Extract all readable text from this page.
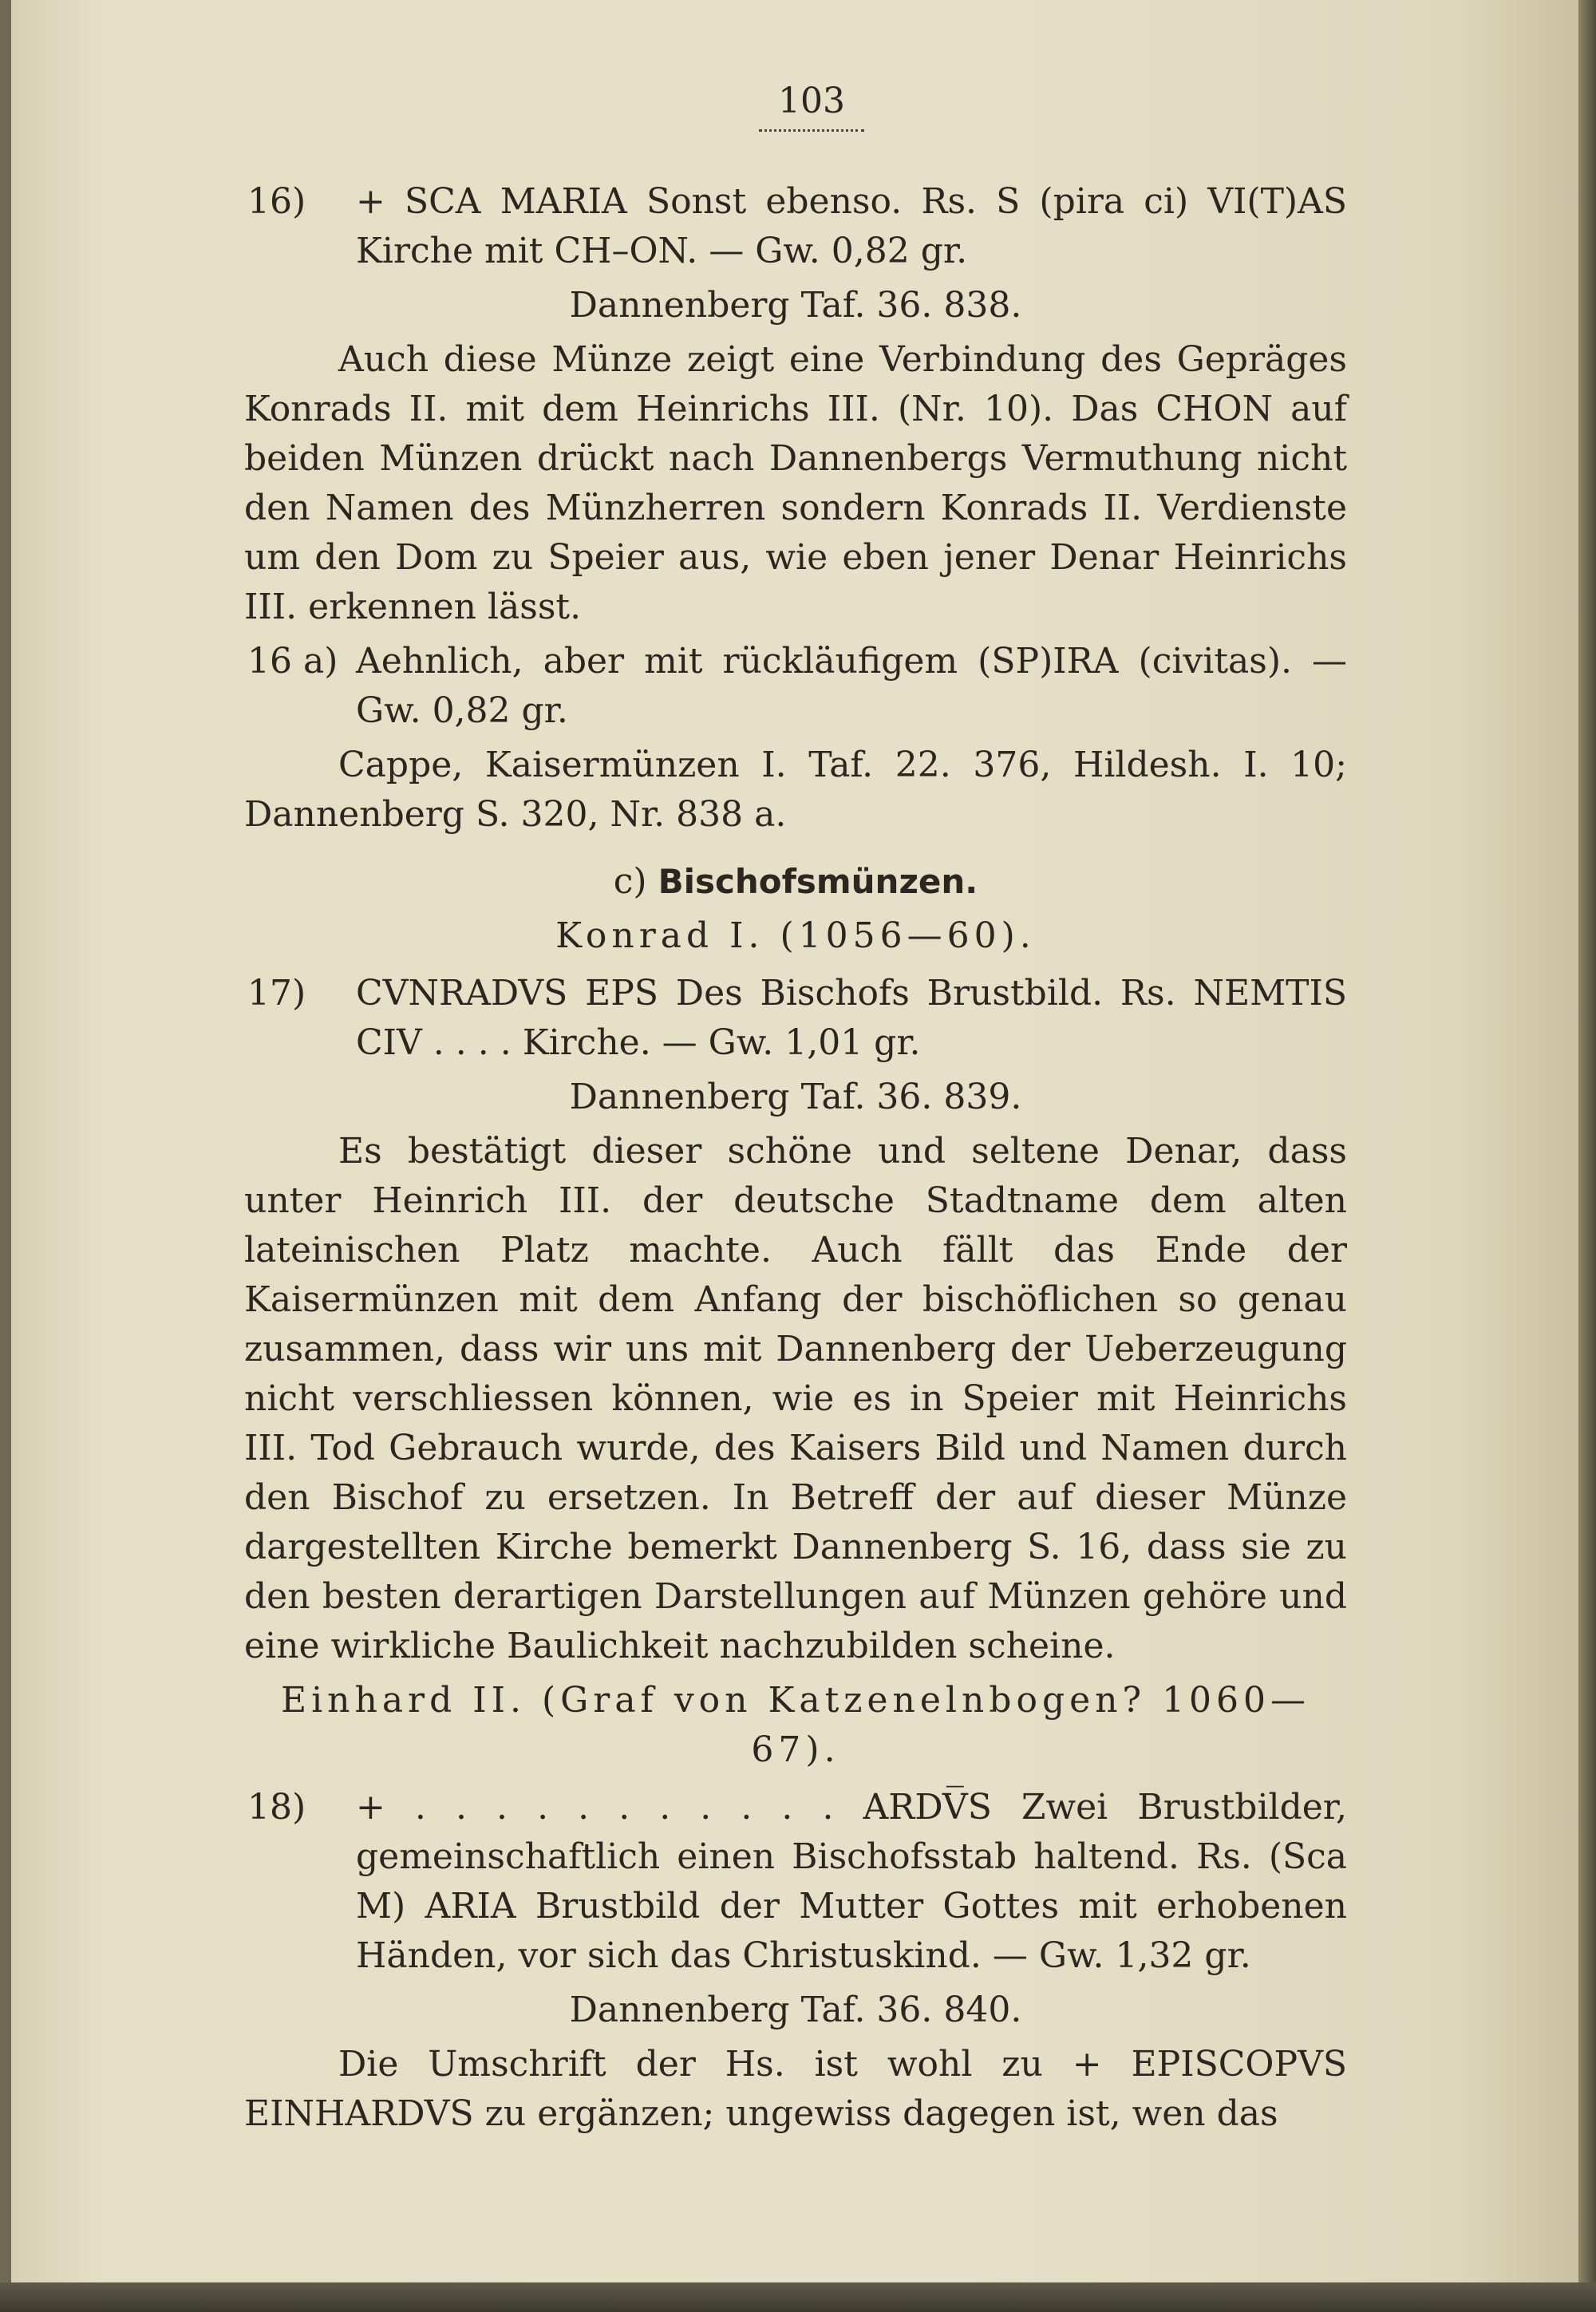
103
16) + SCA MARIA Sonst ebenso. Rs. S (pira ci) VI(T)AS Kirche mit CH–ON. — Gw. 0,82 gr.
Dannenberg Taf. 36. 838.
Auch diese Münze zeigt eine Verbindung des Gepräges Konrads II. mit dem Heinrichs III. (Nr. 10). Das CHON auf beiden Münzen drückt nach Dannenbergs Vermuthung nicht den Namen des Münzherren sondern Konrads II. Verdienste um den Dom zu Speier aus, wie eben jener Denar Heinrichs III. erkennen lässt.
16 a) Aehnlich, aber mit rückläufigem (SP)IRA (civitas). — Gw. 0,82 gr.
Cappe, Kaisermünzen I. Taf. 22. 376, Hildesh. I. 10; Dannenberg S. 320, Nr. 838 a.
c) Bischofsmünzen.
Konrad I. (1056—60).
17) CVNRADVS EPS Des Bischofs Brustbild. Rs. NEMTIS CIV . . . . Kirche. — Gw. 1,01 gr.
Dannenberg Taf. 36. 839.
Es bestätigt dieser schöne und seltene Denar, dass unter Heinrich III. der deutsche Stadtname dem alten lateinischen Platz machte. Auch fällt das Ende der Kaisermünzen mit dem Anfang der bischöflichen so genau zusammen, dass wir uns mit Dannenberg der Ueberzeugung nicht verschliessen können, wie es in Speier mit Heinrichs III. Tod Gebrauch wurde, des Kaisers Bild und Namen durch den Bischof zu ersetzen. In Betreff der auf dieser Münze dargestellten Kirche bemerkt Dannenberg S. 16, dass sie zu den besten derartigen Darstellungen auf Münzen gehöre und eine wirkliche Baulichkeit nachzubilden scheine.
Einhard II. (Graf von Katzenelnbogen? 1060—67).
18) + . . . . . . . . . . . ARDV̅S Zwei Brustbilder, gemeinschaftlich einen Bischofsstab haltend. Rs. (Sca M) ARIA Brustbild der Mutter Gottes mit erhobenen Händen, vor sich das Christuskind. — Gw. 1,32 gr.
Dannenberg Taf. 36. 840.
Die Umschrift der Hs. ist wohl zu + EPISCOPVS EINHARDVS zu ergänzen; ungewiss dagegen ist, wen das
